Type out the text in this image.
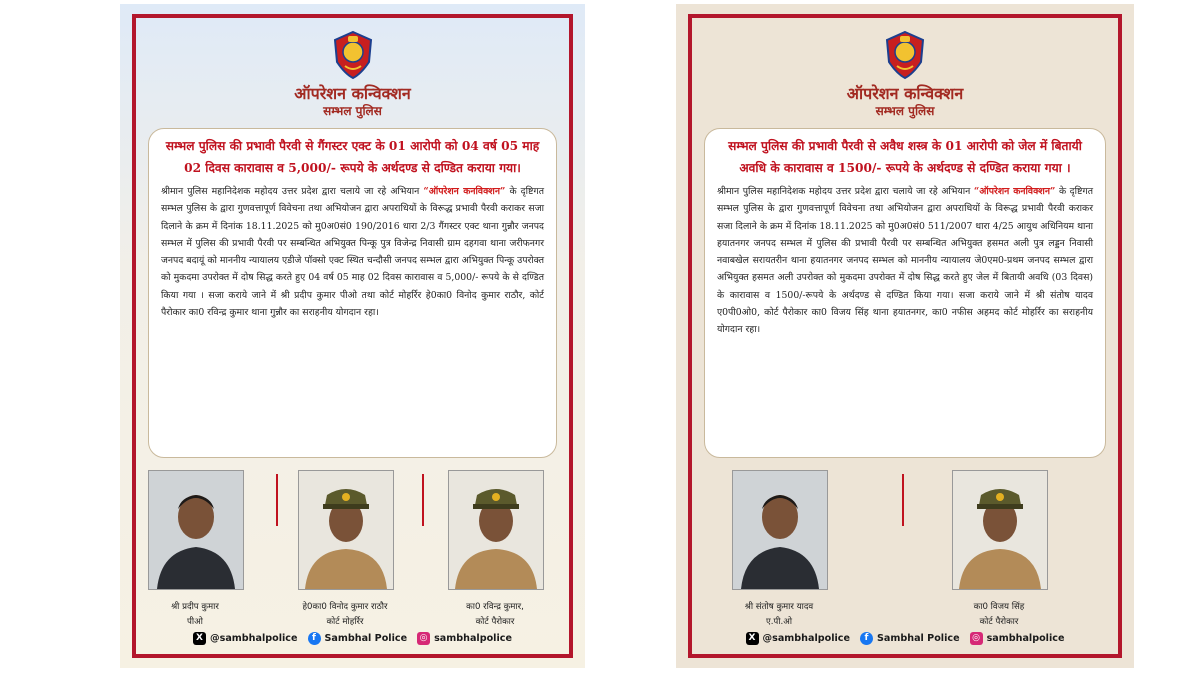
ऑपरेशन कन्विक्शन
सम्भल पुलिस
सम्भल पुलिस की प्रभावी पैरवी से गैंगस्टर एक्ट के 01 आरोपी को 04 वर्ष 05 माह 02 दिवस कारावास व 5,000/- रूपये के अर्थदण्ड से दण्डित कराया गया।
श्रीमान पुलिस महानिदेशक महोदय उत्तर प्रदेश द्वारा चलाये जा रहे अभियान “ऑपरेशन कनविक्शन” के दृष्टिगत सम्भल पुलिस के द्वारा गुणवत्तापूर्ण विवेचना तथा अभियोजन द्वारा अपराधियों के विरूद्ध प्रभावी पैरवी कराकर सजा दिलाने के क्रम में दिनांक 18.11.2025 को मु0अ0सं0 190/2016 धारा 2/3 गैंगस्टर एक्ट थाना गुन्नौर जनपद सम्भल में पुलिस की प्रभावी पैरवी पर सम्बन्धित अभियुक्त पिन्कू पुत्र विजेन्द्र निवासी ग्राम दहगवा थाना जरीफनगर जनपद बदायूं को माननीय न्यायालय एडीजे पॉक्सो एक्ट स्थित चन्दौसी जनपद सम्भल द्वारा अभियुक्त पिन्कू उपरोक्त को मुकदमा उपरोक्त में दोष सिद्ध करते हुए 04 वर्ष 05 माह 02 दिवस कारावास व 5,000/- रूपये के से दण्डित किया गया । सजा कराये जाने में श्री प्रदीप कुमार पीओ तथा कोर्ट मोहर्रिर हे0का0 विनोद कुमार राठौर, कोर्ट पैरोकार का0 रविन्द्र कुमार थाना गुन्नौर का सराहनीय योगदान रहा।
श्री प्रदीप कुमार
पीओ
हे0का0 विनोद कुमार राठौर
कोर्ट मोहर्रिर
का0 रविन्द्र कुमार,
कोर्ट पैरोकार
X @sambhalpolice	f Sambhal Police ◎ sambhalpolice
ऑपरेशन कन्विक्शन
सम्भल पुलिस
सम्भल पुलिस की प्रभावी पैरवी से अवैध शस्त्र के 01 आरोपी को जेल में बितायी अवधि के कारावास व 1500/- रूपये के अर्थदण्ड से दण्डित कराया गया ।
श्रीमान पुलिस महानिदेशक महोदय उत्तर प्रदेश द्वारा चलाये जा रहे अभियान “ऑपरेशन कनविक्शन” के दृष्टिगत सम्भल पुलिस के द्वारा गुणवत्तापूर्ण विवेचना तथा अभियोजन द्वारा अपराधियों के विरूद्ध प्रभावी पैरवी कराकर सजा दिलाने के क्रम में दिनांक 18.11.2025 को मु0अ0सं0 511/2007 धारा 4/25 आयुध अधिनियम थाना हयातनगर जनपद सम्भल में पुलिस की प्रभावी पैरवी पर सम्बन्धित अभियुक्त हसमत अली पुत्र लड्डन निवासी नवाबखेल सरायतरीन थाना हयातनगर जनपद सम्भल को माननीय न्यायालय जे0एम0-प्रथम जनपद सम्भल द्वारा अभियुक्त हसमत अली उपरोक्त को मुकदमा उपरोक्त में दोष सिद्ध करते हुए जेल में बितायी अवधि (03 दिवस) के कारावास व 1500/-रूपये के अर्थदण्ड से दण्डित किया गया। सजा कराये जाने में श्री संतोष यादव ए0पी0ओ0, कोर्ट पैरोकार का0 विजय सिंह थाना हयातनगर, का0 नफीस अहमद कोर्ट मोहर्रिर का सराहनीय योगदान रहा।
श्री संतोष कुमार यादव
ए.पी.ओ
का0 विजय सिंह
कोर्ट पैरोकार
X @sambhalpolice	f Sambhal Police ◎ sambhalpolice
